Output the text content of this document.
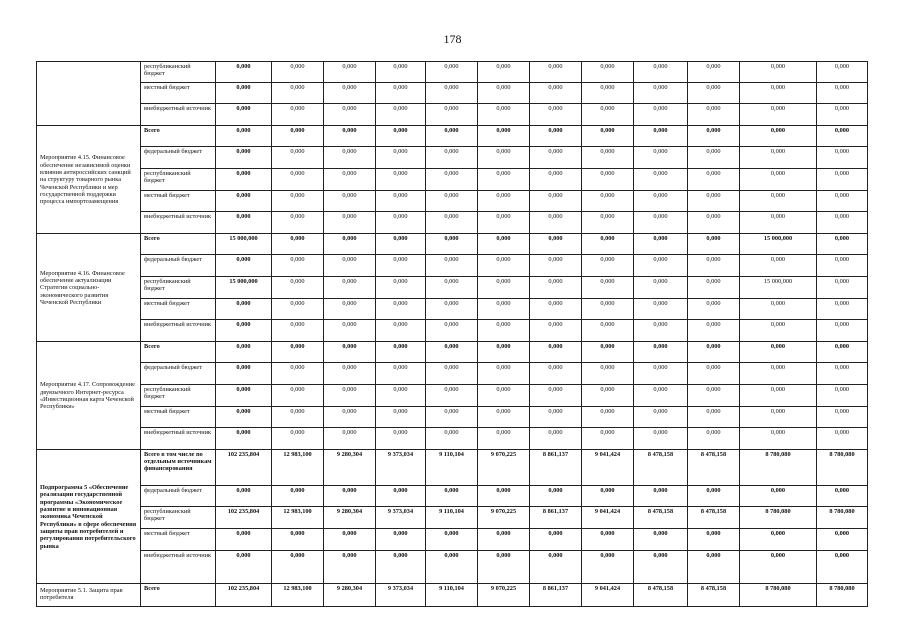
178
	республиканский бюджет	0,000	0,000	0,000	0,000	0,000	0,000	0,000	0,000	0,000	0,000	0,000	0,000
	местный бюджет	0,000	0,000	0,000	0,000	0,000	0,000	0,000	0,000	0,000	0,000	0,000	0,000
	внебюджетный источник	0,000	0,000	0,000	0,000	0,000	0,000	0,000	0,000	0,000	0,000	0,000	0,000
Мероприятие 4.15. Финансовое обеспечение независимой оценки влияния антироссийских санкций на структуру товарного рынка Чеченской Республики и мер государственной поддержки процесса импортозамещения	Всего	0,000	0,000	0,000	0,000	0,000	0,000	0,000	0,000	0,000	0,000	0,000	0,000
	федеральный бюджет	0,000	0,000	0,000	0,000	0,000	0,000	0,000	0,000	0,000	0,000	0,000	0,000
	республиканский бюджет	0,000	0,000	0,000	0,000	0,000	0,000	0,000	0,000	0,000	0,000	0,000	0,000
	местный бюджет	0,000	0,000	0,000	0,000	0,000	0,000	0,000	0,000	0,000	0,000	0,000	0,000
	внебюджетный источник	0,000	0,000	0,000	0,000	0,000	0,000	0,000	0,000	0,000	0,000	0,000	0,000
Мероприятие 4.16. Финансовое обеспечение актуализации Стратегии социально-экономического развития Чеченской Республики	Всего	15 000,000	0,000	0,000	0,000	0,000	0,000	0,000	0,000	0,000	0,000	15 000,000	0,000
	федеральный бюджет	0,000	0,000	0,000	0,000	0,000	0,000	0,000	0,000	0,000	0,000	0,000	0,000
	республиканский бюджет	15 000,000	0,000	0,000	0,000	0,000	0,000	0,000	0,000	0,000	0,000	15 000,000	0,000
	местный бюджет	0,000	0,000	0,000	0,000	0,000	0,000	0,000	0,000	0,000	0,000	0,000	0,000
	внебюджетный источник	0,000	0,000	0,000	0,000	0,000	0,000	0,000	0,000	0,000	0,000	0,000	0,000
Мероприятие 4.17. Сопровождение двуязычного Интернет-ресурса «Инвестиционная карта Чеченской Республики»	Всего	0,000	0,000	0,000	0,000	0,000	0,000	0,000	0,000	0,000	0,000	0,000	0,000
	федеральный бюджет	0,000	0,000	0,000	0,000	0,000	0,000	0,000	0,000	0,000	0,000	0,000	0,000
	республиканский бюджет	0,000	0,000	0,000	0,000	0,000	0,000	0,000	0,000	0,000	0,000	0,000	0,000
	местный бюджет	0,000	0,000	0,000	0,000	0,000	0,000	0,000	0,000	0,000	0,000	0,000	0,000
	внебюджетный источник	0,000	0,000	0,000	0,000	0,000	0,000	0,000	0,000	0,000	0,000	0,000	0,000
Подпрограмма 5 «Обеспечение реализации государственной программы «Экономическое развитие и инновационная экономика Чеченской Республики» в сфере обеспечения защиты прав потребителей и регулирования потребительского рынка	Всего в том числе по отдельным источникам финансирования	102 235,804	12 983,100	9 280,304	9 373,034	9 110,104	9 070,225	8 861,137	9 041,424	8 478,158	8 478,158	8 780,080	8 780,080
	федеральный бюджет	0,000	0,000	0,000	0,000	0,000	0,000	0,000	0,000	0,000	0,000	0,000	0,000
	республиканский бюджет	102 235,804	12 983,100	9 280,304	9 373,034	9 110,104	9 070,225	8 861,137	9 041,424	8 478,158	8 478,158	8 780,080	8 780,080
	местный бюджет	0,000	0,000	0,000	0,000	0,000	0,000	0,000	0,000	0,000	0,000	0,000	0,000
	внебюджетный источник	0,000	0,000	0,000	0,000	0,000	0,000	0,000	0,000	0,000	0,000	0,000	0,000
Мероприятие 5.1. Защита прав потребителя	Всего	102 235,804	12 983,100	9 280,304	9 373,034	9 110,104	9 070,225	8 861,137	9 041,424	8 478,158	8 478,158	8 780,080	8 780,080
